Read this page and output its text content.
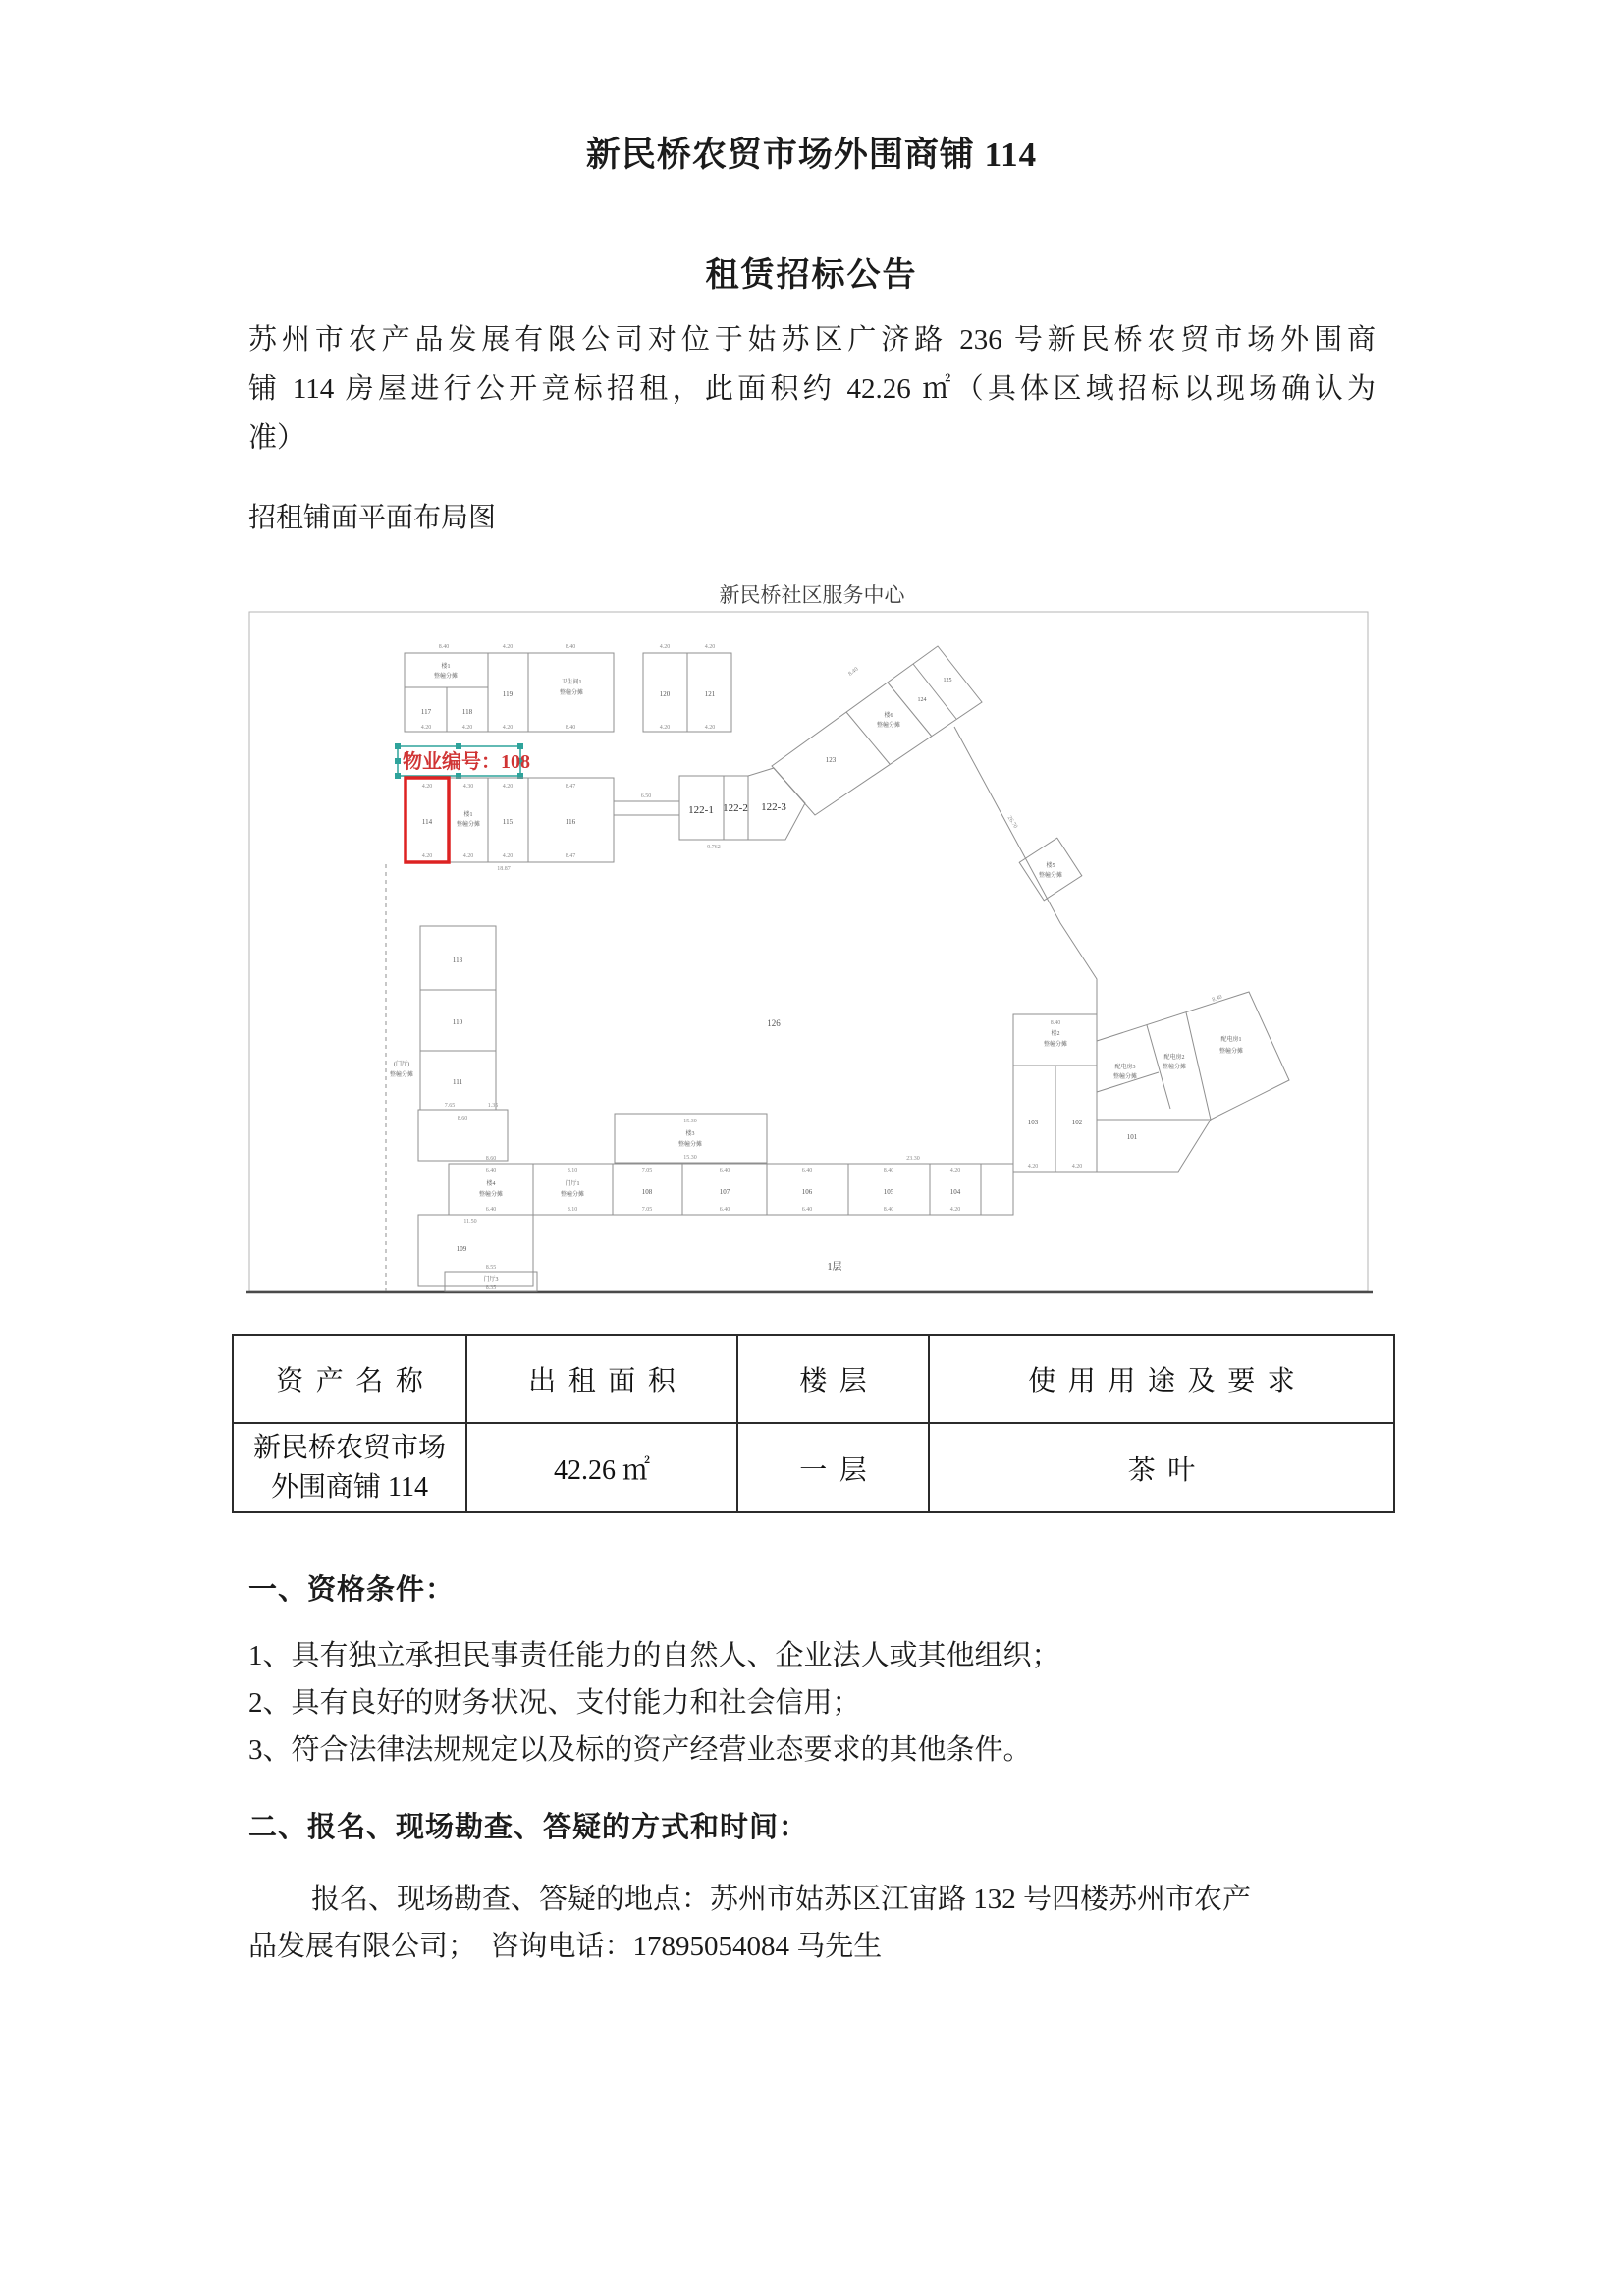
新民桥农贸市场外围商铺 114
租赁招标公告
苏州市农产品发展有限公司对位于姑苏区广济路 236 号新民桥农贸市场外围商
铺 114 房屋进行公开竞标招租，此面积约 42.26 ㎡（具体区域招标以现场确认为
准）
招租铺面平面布局图
新民桥社区服务中心
8.40	4.20	8.40
楼1
整幢分摊
119
卫生间1
整幢分摊
117	118
4.20	4.20	4.20	8.40
4.20	4.20
120	121
4.20	4.20
物业编号：108
4.20	4.30	4.20	8.47
114
楼1
整幢分摊	115	116
4.20	4.20	4.20	8.47
18.87
6.50
122-1 122-2 122-3
9.762
123
楼6
整幢分摊
124
125
8.40
26.70
楼5
整幢分摊
8.40
楼2
整幢分摊
103	102
4.20	4.20
配电房3
整幢分摊
配电房2
整幢分摊
配电房1
整幢分摊
101
8.40
15.30
楼3
整幢分摊
15.30
8.60	23.30
6.40	8.10	7.05	6.40	6.40	8.40	4.20
楼4
整幢分摊
门厅1
整幢分摊	108	107	106	105	104
6.40	8.10	7.05	6.40	6.40	8.40	4.20
7.65	1.35
8.60
11.50
109
8.55
门厅3
8.35
113
110
111
(门厅)
整幢分摊
126
1层
资产名称	出租面积	楼层	使用用途及要求

新民桥农贸市场
外围商铺 114	42.26 ㎡	一层	茶叶
一、资格条件：
1、具有独立承担民事责任能力的自然人、企业法人或其他组织；
2、具有良好的财务状况、支付能力和社会信用；
3、符合法律法规规定以及标的资产经营业态要求的其他条件。
二、报名、现场勘查、答疑的方式和时间：
报名、现场勘查、答疑的地点：苏州市姑苏区江宙路 132 号四楼苏州市农产
品发展有限公司；　咨询电话：17895054084 马先生
